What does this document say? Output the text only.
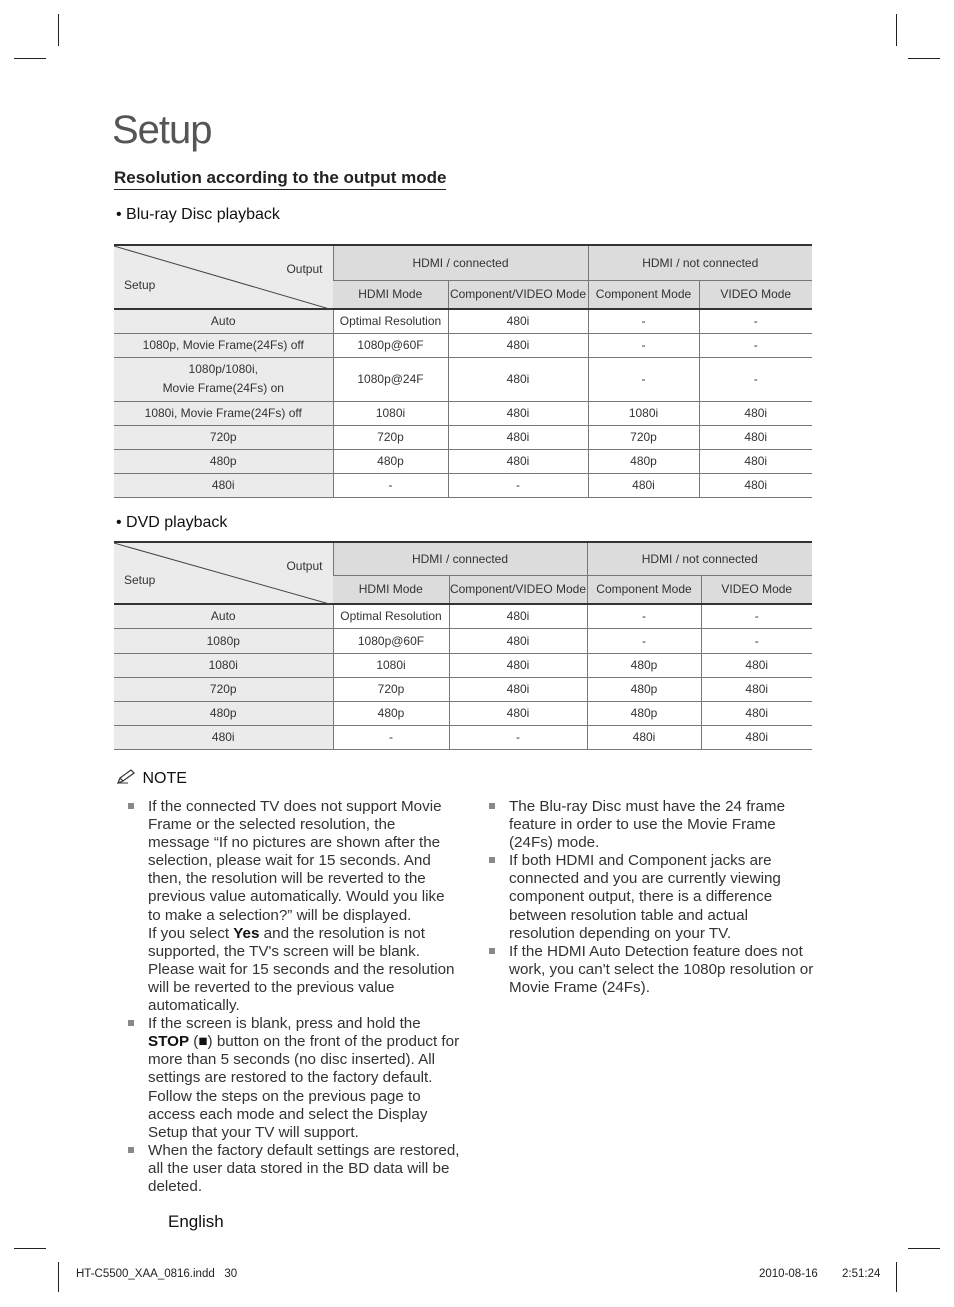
Setup
Resolution according to the output mode
• Blu-ray Disc playback
Output
Setup	HDMI / connected		HDMI / not connected	
	HDMI Mode	Component/VIDEO Mode	Component Mode	VIDEO Mode
Auto	Optimal Resolution	480i	-	-
1080p, Movie Frame(24Fs) off	1080p@60F	480i	-	-
1080p/1080i,
Movie Frame(24Fs) on	1080p@24F	480i	-	-
1080i, Movie Frame(24Fs) off	1080i	480i	1080i	480i
720p	720p	480i	720p	480i
480p	480p	480i	480p	480i
480i	-	-	480i	480i
• DVD playback
Output
Setup	HDMI / connected		HDMI / not connected	
	HDMI Mode	Component/VIDEO Mode	Component Mode	VIDEO Mode
Auto	Optimal Resolution	480i	-	-
1080p	1080p@60F	480i	-	-
1080i	1080i	480i	480p	480i
720p	720p	480i	480p	480i
480p	480p	480i	480p	480i
480i	-	-	480i	480i
NOTE
If the connected TV does not support Movie Frame or the selected resolution, the message “If no pictures are shown after the selection, please wait for 15 seconds. And then, the resolution will be reverted to the previous value automatically. Would you like to make a selection?” will be displayed.
If you select Yes and the resolution is not supported, the TV's screen will be blank. Please wait for 15 seconds and the resolution will be reverted to the previous value automatically.
If the screen is blank, press and hold the STOP (■) button on the front of the product for more than 5 seconds (no disc inserted). All settings are restored to the factory default. Follow the steps on the previous page to access each mode and select the Display Setup that your TV will support.
When the factory default settings are restored, all the user data stored in the BD data will be deleted.
The Blu-ray Disc must have the 24 frame feature in order to use the Movie Frame (24Fs) mode.
If both HDMI and Component jacks are connected and you are currently viewing component output, there is a difference between resolution table and actual resolution depending on your TV.
If the HDMI Auto Detection feature does not work, you can't select the 1080p resolution or Movie Frame (24Fs).
English
HT-C5500_XAA_0816.indd   30	2010-08-16 2:51:24
